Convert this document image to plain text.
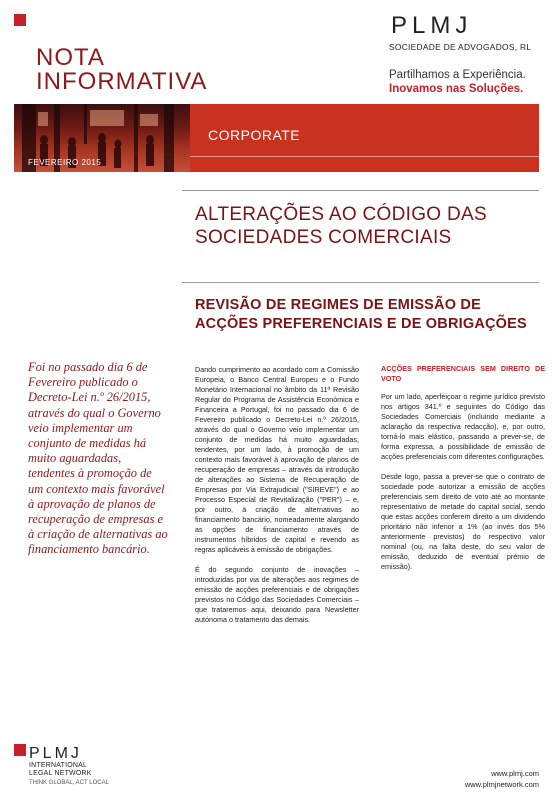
NOTA
INFORMATIVA
PLMJ
SOCIEDADE DE ADVOGADOS, RL
Partilhamos a Experiência.
Inovamos nas Soluções.
FEVEREIRO 2015
CORPORATE
ALTERAÇÕES AO CÓDIGO DAS
SOCIEDADES COMERCIAIS
REVISÃO DE REGIMES DE EMISSÃO DE
ACÇÕES PREFERENCIAIS E DE OBRIGAÇÕES
Foi no passado dia 6 de Fevereiro publicado o Decreto-Lei n.º 26/2015, através do qual o Governo veio implementar um conjunto de medidas há muito aguardadas, tendentes à promoção de um contexto mais favorável à aprovação de planos de recuperação de empresas e à criação de alternativas ao financiamento bancário.

Dando cumprimento ao acordado com a Comissão Europeia, o Banco Central Europeu e o Fundo Monetário Internacional no âmbito da 11ª Revisão Regular do Programa de Assistência Económica e Financeira a Portugal, foi no passado dia 6 de Fevereiro publicado o Decreto-Lei n.º 26/2015, através do qual o Governo veio implementar um conjunto de medidas há muito aguardadas, tendentes, por um lado, à promoção de um contexto mais favorável à aprovação de planos de recuperação de empresas – através da introdução de alterações ao Sistema de Recuperação de Empresas por Via Extrajudicial ("SIREVE") e ao Processo Especial de Revitalização ("PER") – e, por outro, à criação de alternativas ao financiamento bancário, nomeadamente alargando as opções de financiamento através de instrumentos híbridos de capital e revendo as regras aplicáveis à emissão de obrigações.

É do segundo conjunto de inovações – introduzidas por via de alterações aos regimes de emissão de acções preferenciais e de obrigações previstos no Código das Sociedades Comerciais – que trataremos aqui, deixando para Newsletter autónoma o tratamento das demais.

ACÇÕES PREFERENCIAIS SEM DIREITO DE VOTO

Por um lado, aperfeiçoar o regime jurídico previsto nos artigos 341.º e seguintes do Código das Sociedades Comerciais (incluindo mediante a aclaração da respectiva redacção), e, por outro, torná-lo mais elástico, passando a prever-se, de forma expressa, a possibilidade de emissão de acções preferenciais com diferentes configurações.

Desde logo, passa a prever-se que o contrato de sociedade pode autorizar a emissão de acções preferenciais sem direito de voto até ao montante representativo de metade do capital social, sendo que estas acções conferem direito a um dividendo prioritário não inferior a 1% (ao invés dos 5% anteriormente previstos) do respectivo valor nominal (ou, na falta deste, do seu valor de emissão, deduzido de eventual prémio de emissão).

PLMJ
INTERNATIONAL
LEGAL NETWORK
THINK GLOBAL, ACT LOCAL
www.plmj.com
www.plmjnetwork.com
